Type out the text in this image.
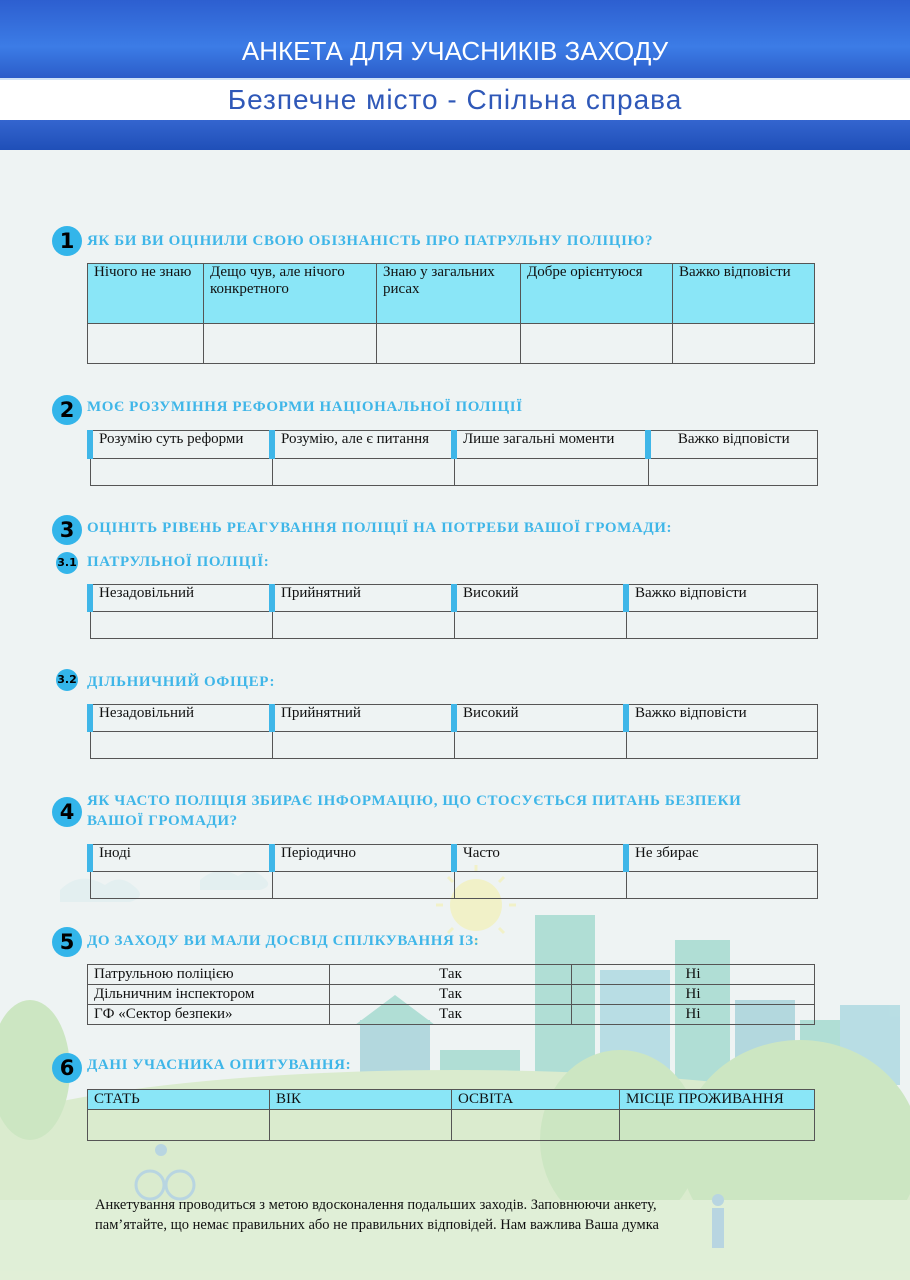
АНКЕТА ДЛЯ УЧАСНИКІВ ЗАХОДУ
Безпечне місто - Спільна справа
1 ЯК БИ ВИ ОЦІНИЛИ СВОЮ ОБІЗНАНІСТЬ ПРО ПАТРУЛЬНУ ПОЛІЦІЮ?
Нічого не знаю	Дещо чув, але нічого конкретного	Знаю у загальних рисах	Добре орієнтуюся	Важко відповісти

2 МОЄ РОЗУМІННЯ РЕФОРМИ НАЦІОНАЛЬНОЇ ПОЛІЦІЇ
Розумію суть реформи	Розумію, але є питання	Лише загальні моменти	Важко відповісти

3 ОЦІНІТЬ РІВЕНЬ РЕАГУВАННЯ ПОЛІЦІЇ НА ПОТРЕБИ ВАШОЇ ГРОМАДИ:
3.1 ПАТРУЛЬНОЇ ПОЛІЦІЇ:
Незадовільний	Прийнятний	Високий	Важко відповісти

3.2 ДІЛЬНИЧНИЙ ОФІЦЕР:
Незадовільний	Прийнятний	Високий	Важко відповісти

4 ЯК ЧАСТО ПОЛІЦІЯ ЗБИРАЄ ІНФОРМАЦІЮ, ЩО СТОСУЄТЬСЯ ПИТАНЬ БЕЗПЕКИ
ВАШОЇ ГРОМАДИ?
Іноді	Періодично	Часто	Не збирає

5 ДО ЗАХОДУ ВИ МАЛИ ДОСВІД СПІЛКУВАННЯ ІЗ:
Патрульною поліцією	Так	Ні
Дільничним інспектором	Так	Ні
ГФ «Сектор безпеки»	Так	Ні
6 ДАНІ УЧАСНИКА ОПИТУВАННЯ:
СТАТЬ	ВІК	ОСВІТА	МІСЦЕ ПРОЖИВАННЯ

Анкетування проводиться з метою вдосконалення подальших заходів. Заповнюючи анкету,
пам’ятайте, що немає правильних або не правильних відповідей. Нам важлива Ваша думка
